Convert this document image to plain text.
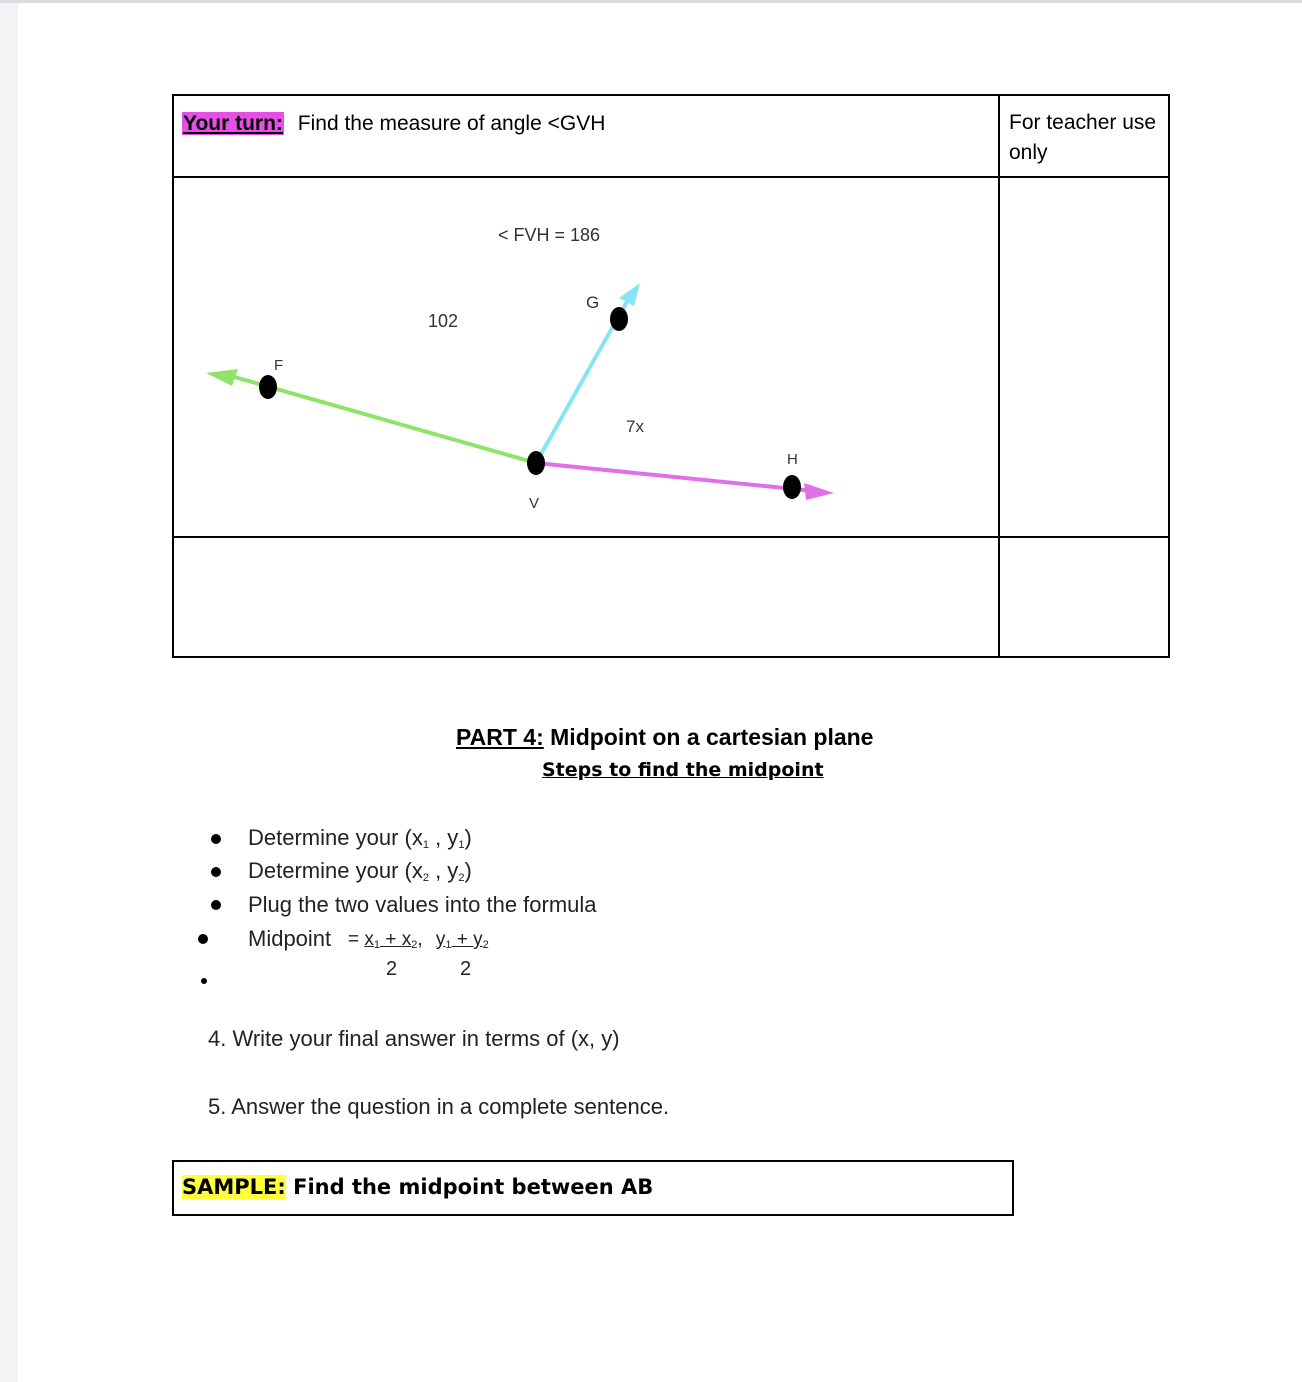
Your turn: Find the measure of angle <GVH	For teacher use
only
< FVH = 186
102
7x
F
G
V
H
PART 4: Midpoint on a cartesian plane
Steps to find the midpoint
Determine your ($x_1$ , $y_1$)
Determine your ($x_2$ , $y_2$)
Plug the two values into the formula
Midpoint = $x_1 + x_2$, $y_1 + y_2$
2	2
4. Write your final answer in terms of (x, y)
5. Answer the question in a complete sentence.
SAMPLE: Find the midpoint between AB
